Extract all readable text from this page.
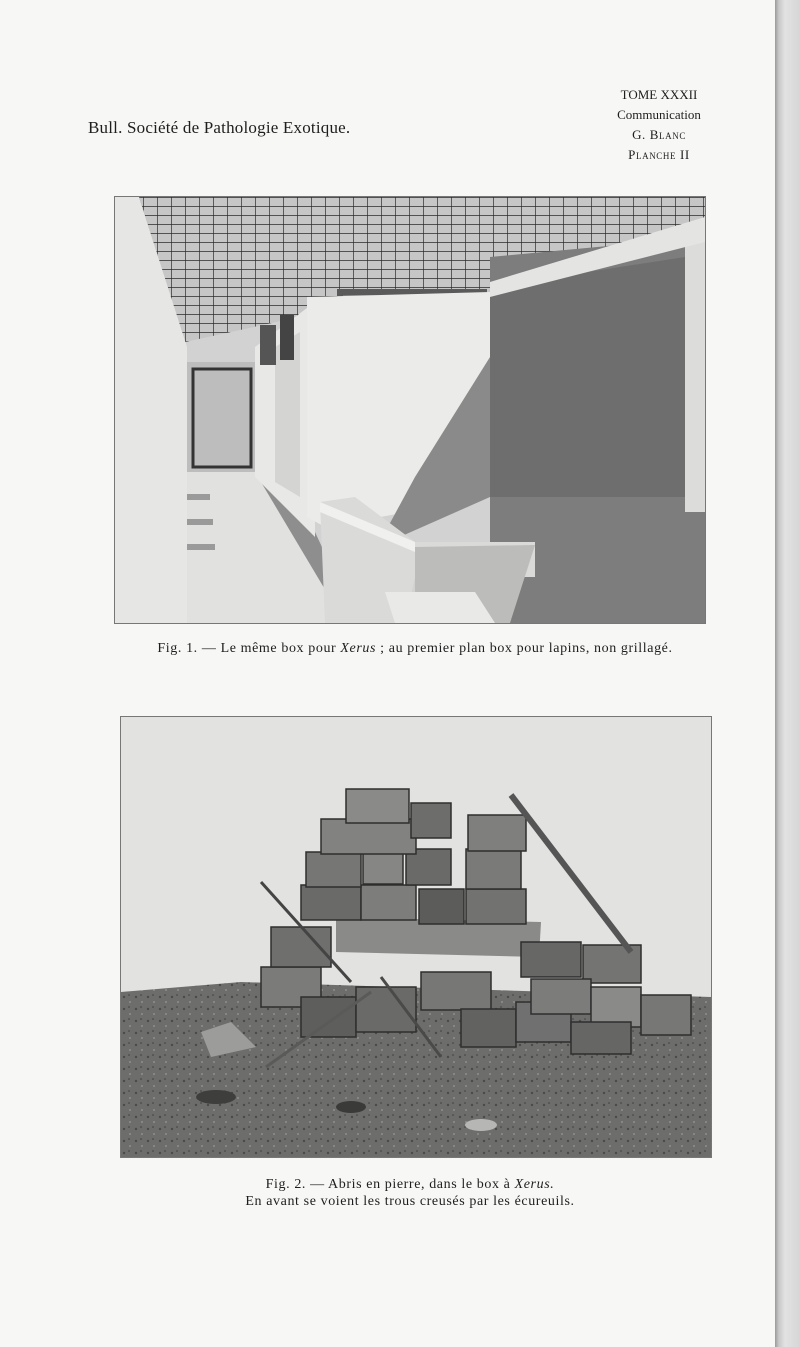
Bull. Société de Pathologie Exotique.
TOME XXXII
Communication
G. Blanc
Planche II
Fig. 1. — Le même box pour Xerus ; au premier plan box pour lapins, non grillagé.
Fig. 2. — Abris en pierre, dans le box à Xerus.
En avant se voient les trous creusés par les écureuils.
